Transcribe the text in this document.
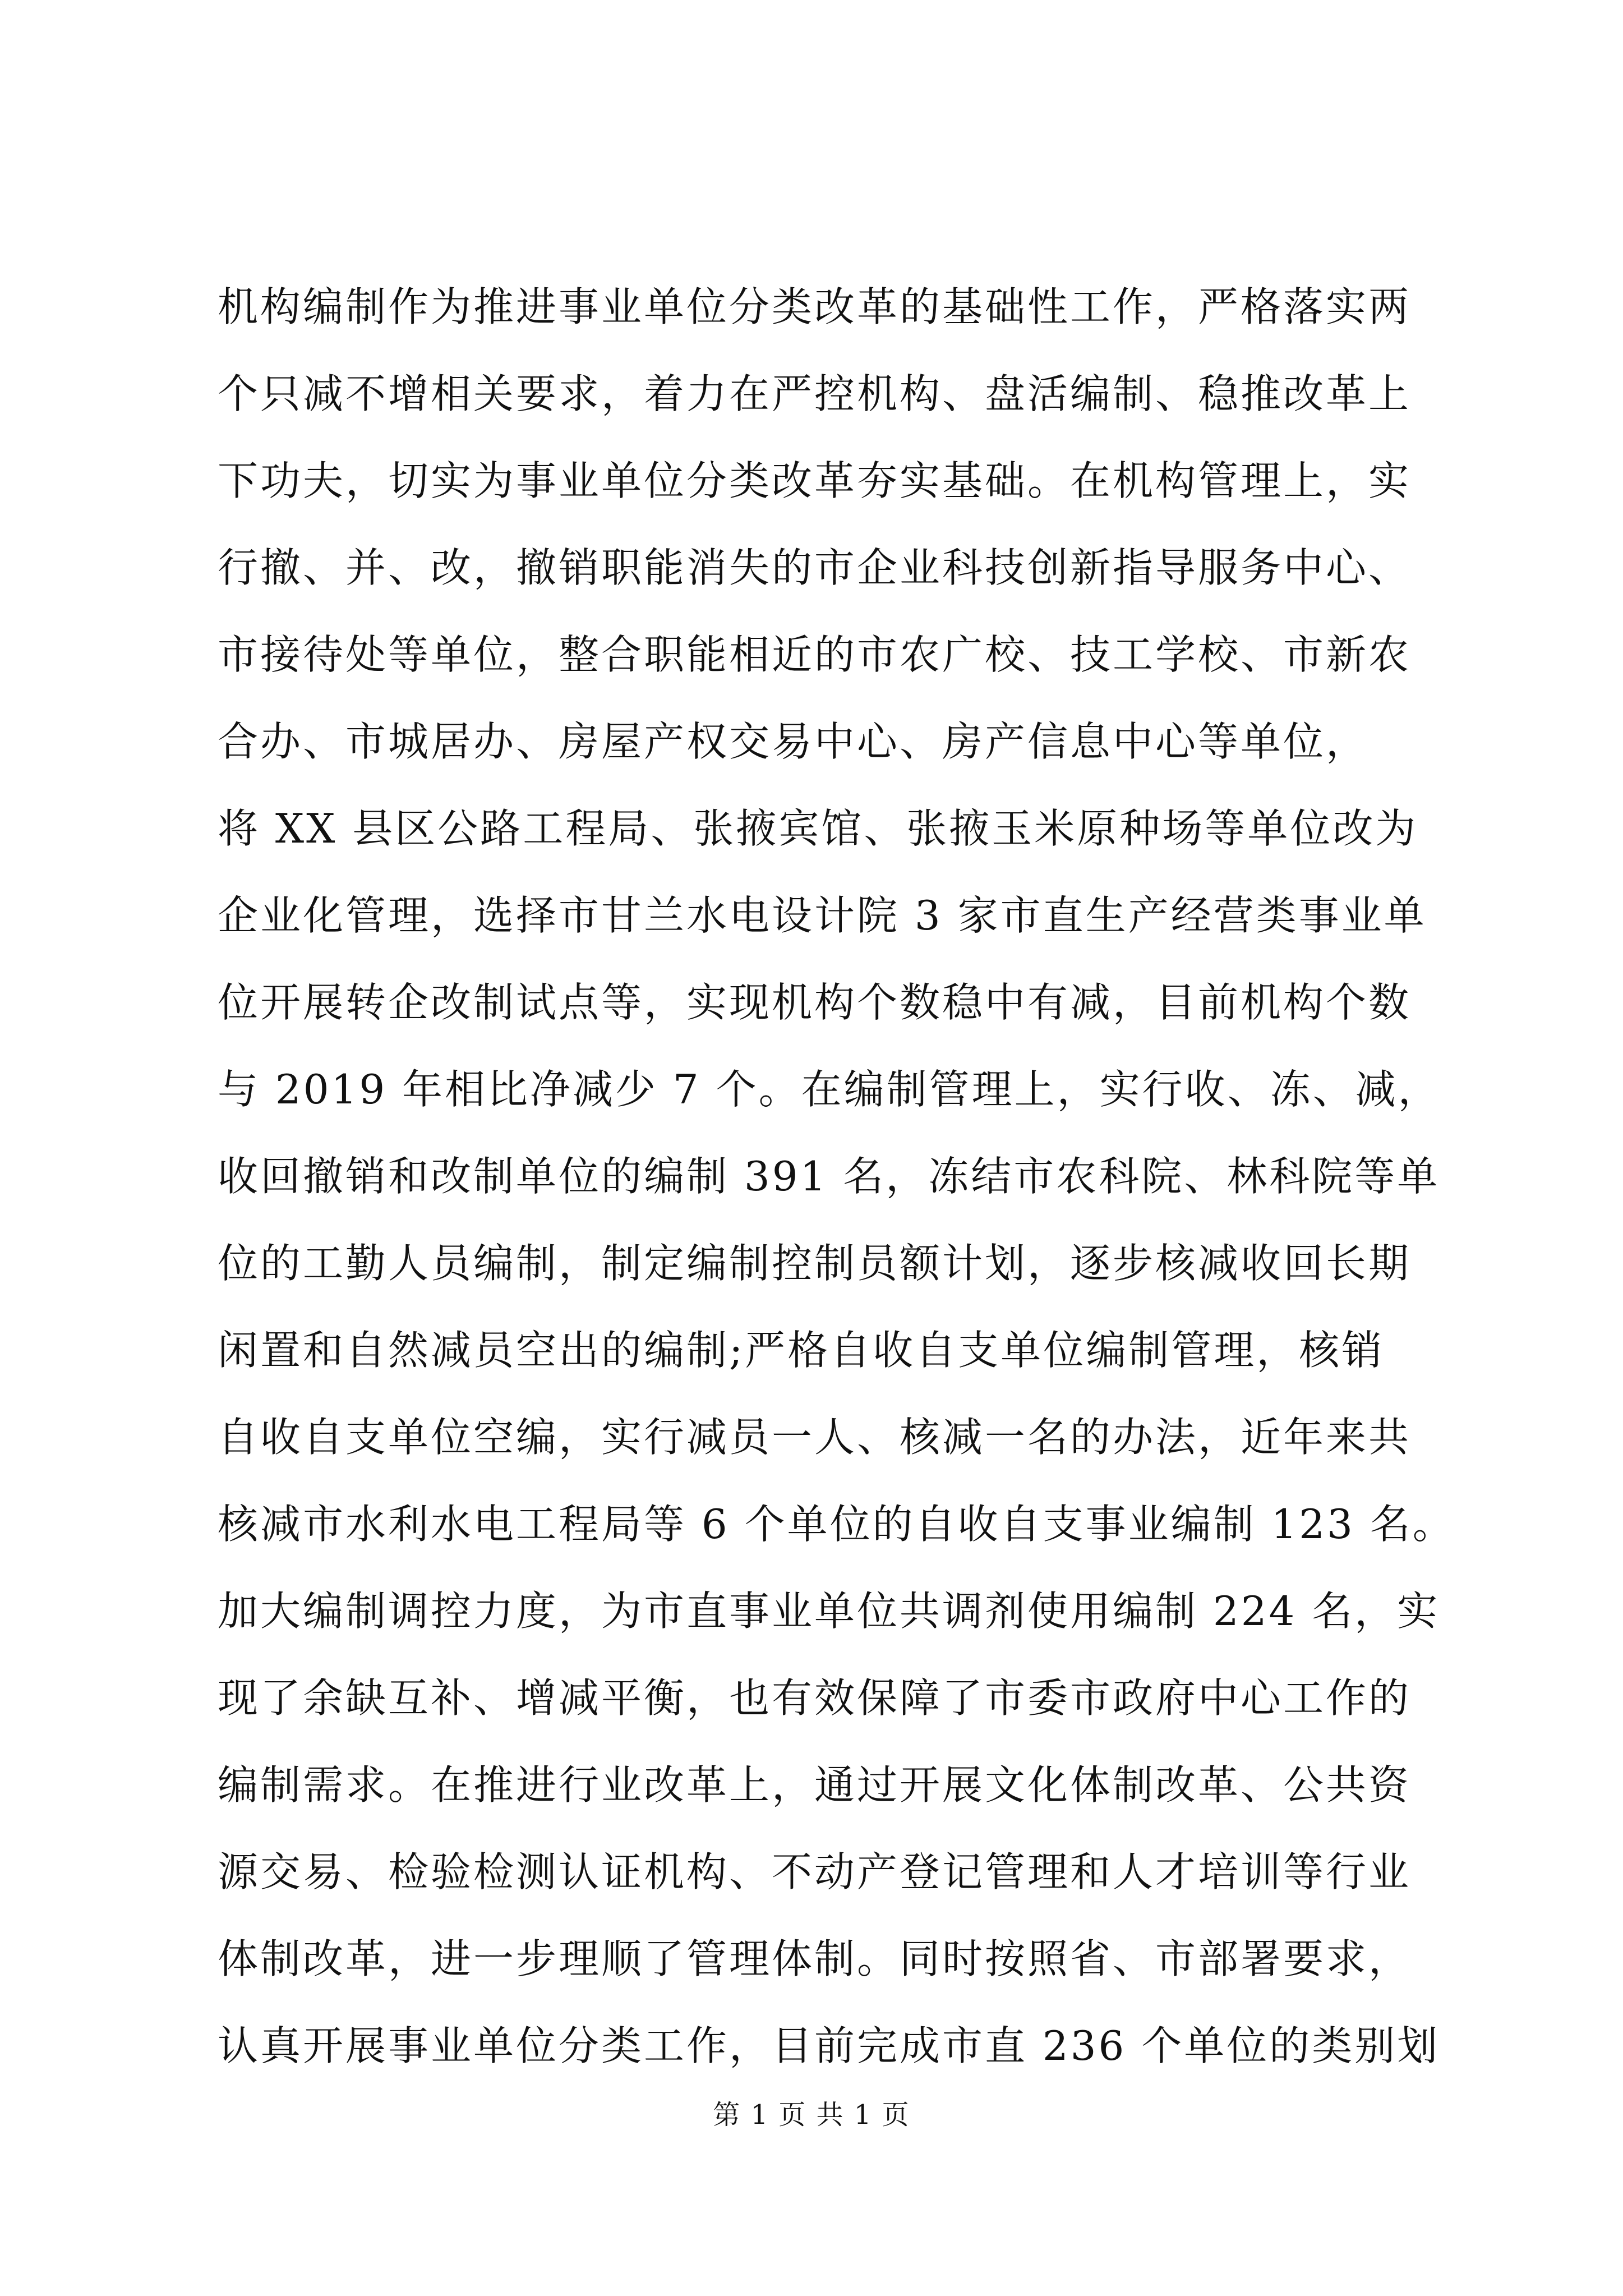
机构编制作为推进事业单位分类改革的基础性工作，严格落实两
个只减不增相关要求，着力在严控机构、盘活编制、稳推改革上
下功夫，切实为事业单位分类改革夯实基础。在机构管理上，实
行撤、并、改，撤销职能消失的市企业科技创新指导服务中心、
市接待处等单位，整合职能相近的市农广校、技工学校、市新农
合办、市城居办、房屋产权交易中心、房产信息中心等单位，
将 XX 县区公路工程局、张掖宾馆、张掖玉米原种场等单位改为
企业化管理，选择市甘兰水电设计院 3 家市直生产经营类事业单
位开展转企改制试点等，实现机构个数稳中有减，目前机构个数
与 2019 年相比净减少 7 个。在编制管理上，实行收、冻、减，
收回撤销和改制单位的编制 391 名，冻结市农科院、林科院等单
位的工勤人员编制，制定编制控制员额计划，逐步核减收回长期
闲置和自然减员空出的编制;严格自收自支单位编制管理，核销
自收自支单位空编，实行减员一人、核减一名的办法，近年来共
核减市水利水电工程局等 6 个单位的自收自支事业编制 123 名。
加大编制调控力度，为市直事业单位共调剂使用编制 224 名，实
现了余缺互补、增减平衡，也有效保障了市委市政府中心工作的
编制需求。在推进行业改革上，通过开展文化体制改革、公共资
源交易、检验检测认证机构、不动产登记管理和人才培训等行业
体制改革，进一步理顺了管理体制。同时按照省、市部署要求，
认真开展事业单位分类工作，目前完成市直 236 个单位的类别划
第 1 页 共 1 页
